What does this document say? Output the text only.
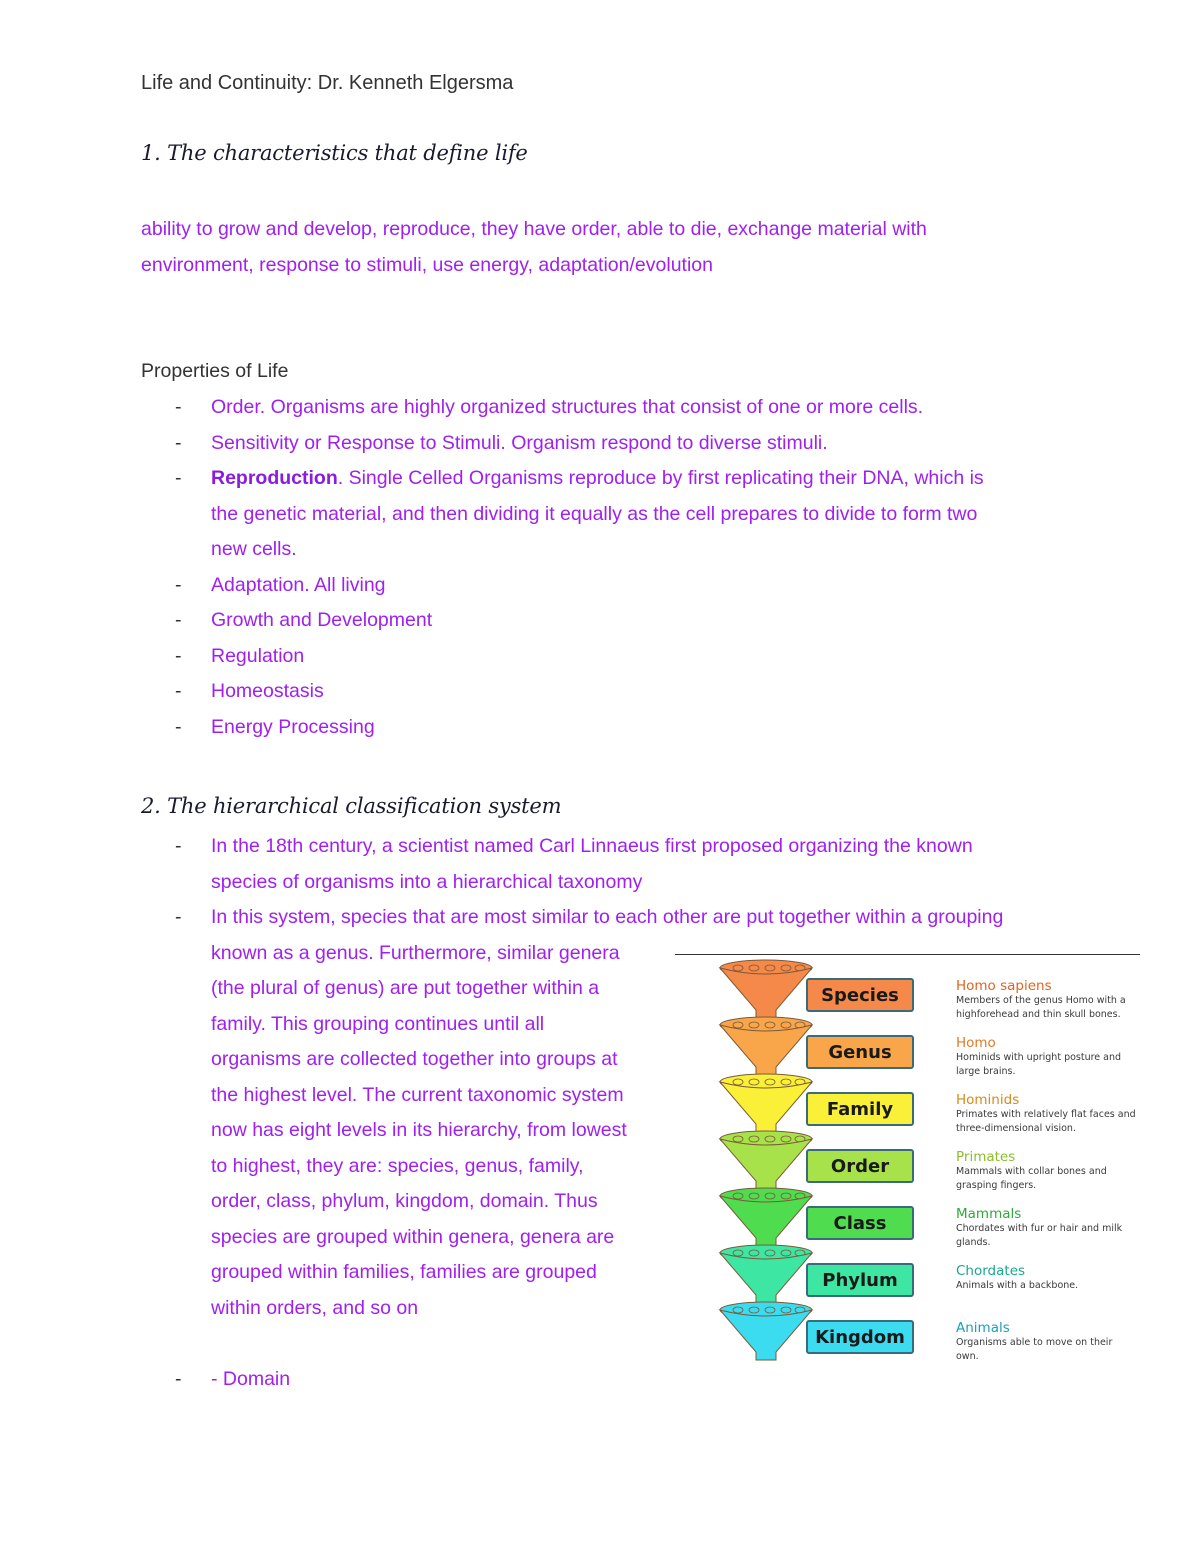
Life and Continuity: Dr. Kenneth Elgersma
1. The characteristics that define life
ability to grow and develop, reproduce, they have order, able to die, exchange material with
environment, response to stimuli, use energy, adaptation/evolution
Properties of Life
- Order. Organisms are highly organized structures that consist of one or more cells.
- Sensitivity or Response to Stimuli. Organism respond to diverse stimuli.
- Reproduction. Single Celled Organisms reproduce by first replicating their DNA, which is
the genetic material, and then dividing it equally as the cell prepares to divide to form two
new cells.
- Adaptation. All living
- Growth and Development
- Regulation
- Homeostasis
- Energy Processing
2. The hierarchical classification system
- In the 18th century, a scientist named Carl Linnaeus first proposed organizing the known
species of organisms into a hierarchical taxonomy
- In this system, species that are most similar to each other are put together within a grouping
known as a genus. Furthermore, similar genera
(the plural of genus) are put together within a
family. This grouping continues until all
organisms are collected together into groups at
the highest level. The current taxonomic system
now has eight levels in its hierarchy, from lowest
to highest, they are: species, genus, family,
order, class, phylum, kingdom, domain. Thus
species are grouped within genera, genera are
grouped within families, families are grouped
within orders, and so on
- - Domain
Species	Homo sapiens
Members of the genus Homo with a highforehead and thin skull bones.
Genus	Homo
Hominids with upright posture and large brains.
Family	Hominids
Primates with relatively flat faces and three-dimensional vision.
Order	Primates
Mammals with collar bones and grasping fingers.
Class	Mammals
Chordates with fur or hair and milk glands.
Phylum	Chordates
Animals with a backbone.
Kingdom	Animals
Organisms able to move on their own.
